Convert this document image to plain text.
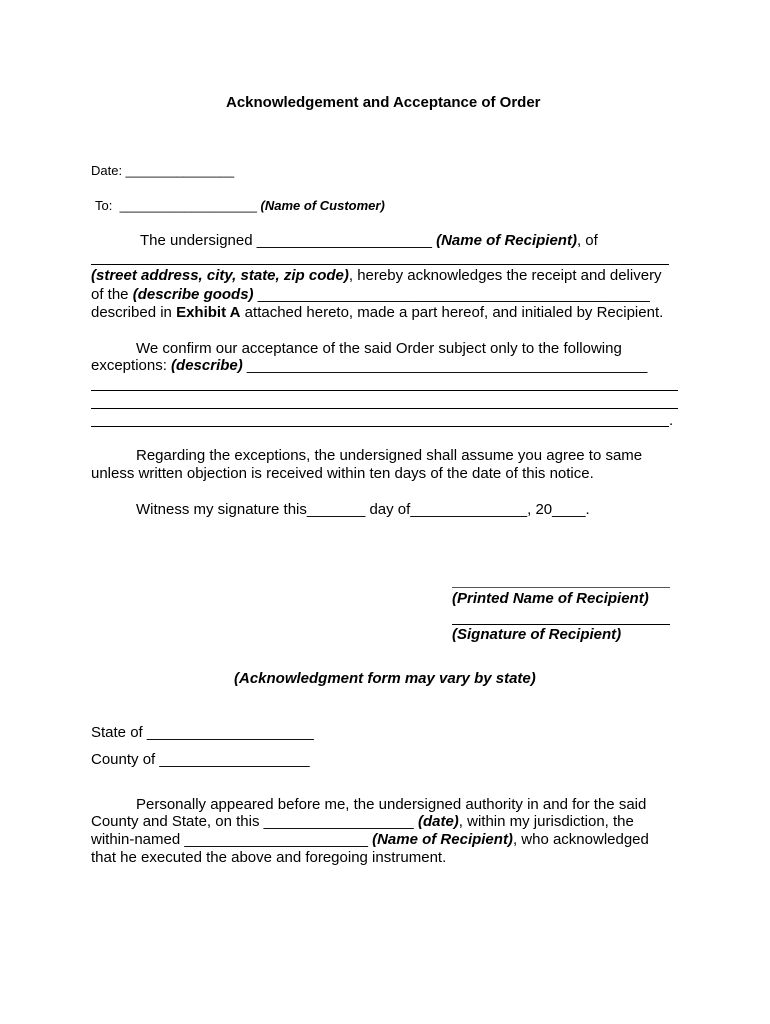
Acknowledgement and Acceptance of Order
Date: _______________
To:  ___________________ (Name of Customer)
The undersigned _____________________ (Name of Recipient), of
(street address, city, state, zip code), hereby acknowledges the receipt and delivery
of the (describe goods) _______________________________________________
described in Exhibit A attached hereto, made a part hereof, and initialed by Recipient.
We confirm our acceptance of the said Order subject only to the following
exceptions: (describe) ________________________________________________
.
Regarding the exceptions, the undersigned shall assume you agree to same
unless written objection is received within ten days of the date of this notice.
Witness my signature this_______ day of______________, 20____.
(Printed Name of Recipient)
(Signature of Recipient)
(Acknowledgment form may vary by state)
State of ____________________
County of __________________
Personally appeared before me, the undersigned authority in and for the said
County and State, on this __________________ (date), within my jurisdiction, the
within-named ______________________ (Name of Recipient), who acknowledged
that he executed the above and foregoing instrument.
